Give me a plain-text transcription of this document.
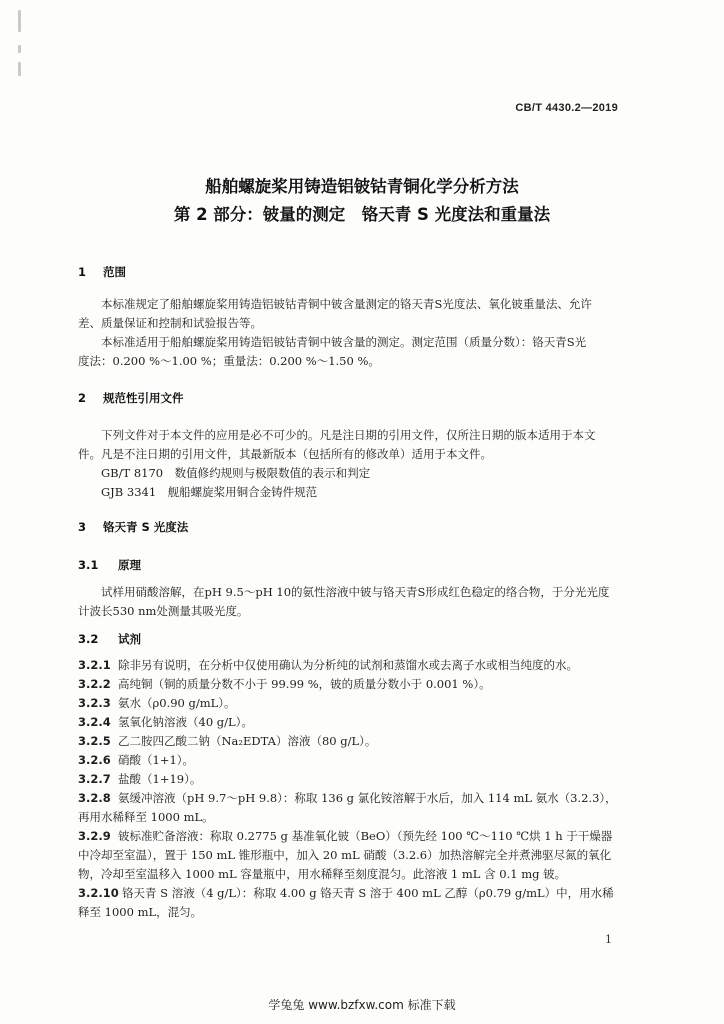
CB/T 4430.2—2019
船舶螺旋桨用铸造铝铍钴青铜化学分析方法
第 2 部分：铍量的测定　铬天青 S 光度法和重量法
1 范围
本标准规定了船舶螺旋桨用铸造铝铍钴青铜中铍含量测定的铬天青S光度法、氧化铍重量法、允许
差、质量保证和控制和试验报告等。
本标准适用于船舶螺旋桨用铸造铝铍钴青铜中铍含量的测定。测定范围（质量分数）：铬天青S光
度法：0.200 %～1.00 %；重量法：0.200 %～1.50 %。
2 规范性引用文件
下列文件对于本文件的应用是必不可少的。凡是注日期的引用文件，仅所注日期的版本适用于本文
件。凡是不注日期的引用文件，其最新版本（包括所有的修改单）适用于本文件。
GB/T 8170　数值修约规则与极限数值的表示和判定
GJB 3341　舰船螺旋桨用铜合金铸件规范
3 铬天青 S 光度法
3.1 原理
试样用硝酸溶解，在pH 9.5～pH 10的氨性溶液中铍与铬天青S形成红色稳定的络合物，于分光光度
计波长530 nm处测量其吸光度。
3.2 试剂
3.2.1 除非另有说明，在分析中仅使用确认为分析纯的试剂和蒸馏水或去离子水或相当纯度的水。
3.2.2 高纯铜（铜的质量分数不小于 99.99 %，铍的质量分数小于 0.001 %）。
3.2.3 氨水（ρ0.90 g/mL）。
3.2.4 氢氧化钠溶液（40 g/L）。
3.2.5 乙二胺四乙酸二钠（Na₂EDTA）溶液（80 g/L）。
3.2.6 硝酸（1+1）。
3.2.7 盐酸（1+19）。
3.2.8 氨缓冲溶液（pH 9.7～pH 9.8）：称取 136 g 氯化铵溶解于水后，加入 114 mL 氨水（3.2.3），
再用水稀释至 1000 mL。
3.2.9 铍标准贮备溶液：称取 0.2775 g 基准氧化铍（BeO）（预先经 100 ℃～110 ℃烘 1 h 于干燥器
中冷却至室温），置于 150 mL 锥形瓶中，加入 20 mL 硝酸（3.2.6）加热溶解完全并煮沸驱尽氮的氧化
物，冷却至室温移入 1000 mL 容量瓶中，用水稀释至刻度混匀。此溶液 1 mL 含 0.1 mg 铍。
3.2.10 铬天青 S 溶液（4 g/L）：称取 4.00 g 铬天青 S 溶于 400 mL 乙醇（ρ0.79 g/mL）中，用水稀
释至 1000 mL，混匀。
1
学兔兔 www.bzfxw.com 标准下载
